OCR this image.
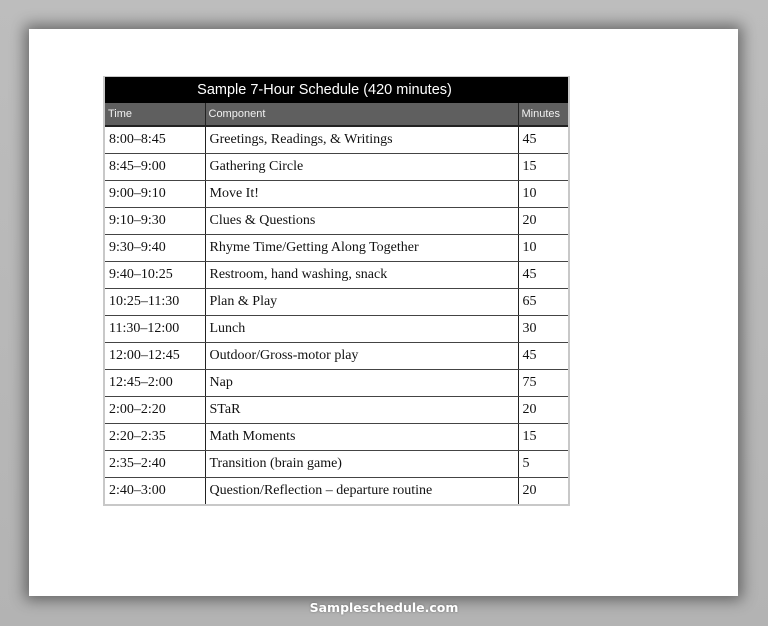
Sample 7-Hour Schedule (420 minutes)
Time	Component	Minutes
8:00–8:45	Greetings, Readings, & Writings	45
8:45–9:00	Gathering Circle	15
9:00–9:10	Move It!	10
9:10–9:30	Clues & Questions	20
9:30–9:40	Rhyme Time/Getting Along Together	10
9:40–10:25	Restroom, hand washing, snack	45
10:25–11:30	Plan & Play	65
11:30–12:00	Lunch	30
12:00–12:45	Outdoor/Gross-motor play	45
12:45–2:00	Nap	75
2:00–2:20	STaR	20
2:20–2:35	Math Moments	15
2:35–2:40	Transition (brain game)	5
2:40–3:00	Question/Reflection – departure routine	20
Sampleschedule.com
